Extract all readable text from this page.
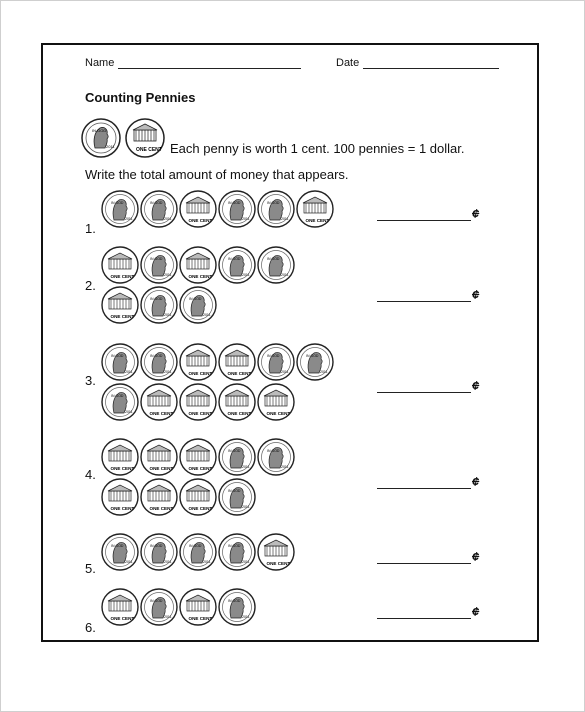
Name	Date
Counting Pennies
IN GOD
2011
ONE CENT Each penny is worth 1 cent. 100 pennies = 1 dollar.
Write the total amount of money that appears.
1.
IN GOD
2011
IN GOD
2011	ONE CENT
IN GOD
2011
IN GOD
2011	ONE CENT	¢
2.
ONE CENT
IN GOD
2011	ONE CENT
IN GOD
2011
IN GOD
2011
ONE CENT
IN GOD
2011
IN GOD
2011
¢
3.
IN GOD
2011
IN GOD
2011	ONE CENT	ONE CENT
IN GOD
2011
IN GOD
2011
IN GOD
2011	ONE CENT	ONE CENT	ONE CENT	ONE CENT
¢
4.	ONE CENT	ONE CENT	ONE CENT
IN GOD
2011
IN GOD
2011
ONE CENT	ONE CENT	ONE CENT
IN GOD
2011
¢
5.
IN GOD
2011
IN GOD
2011
IN GOD
2011
IN GOD
2011	ONE CENT	¢
6.
ONE CENT
IN GOD
2011	ONE CENT
IN GOD
2011	¢
